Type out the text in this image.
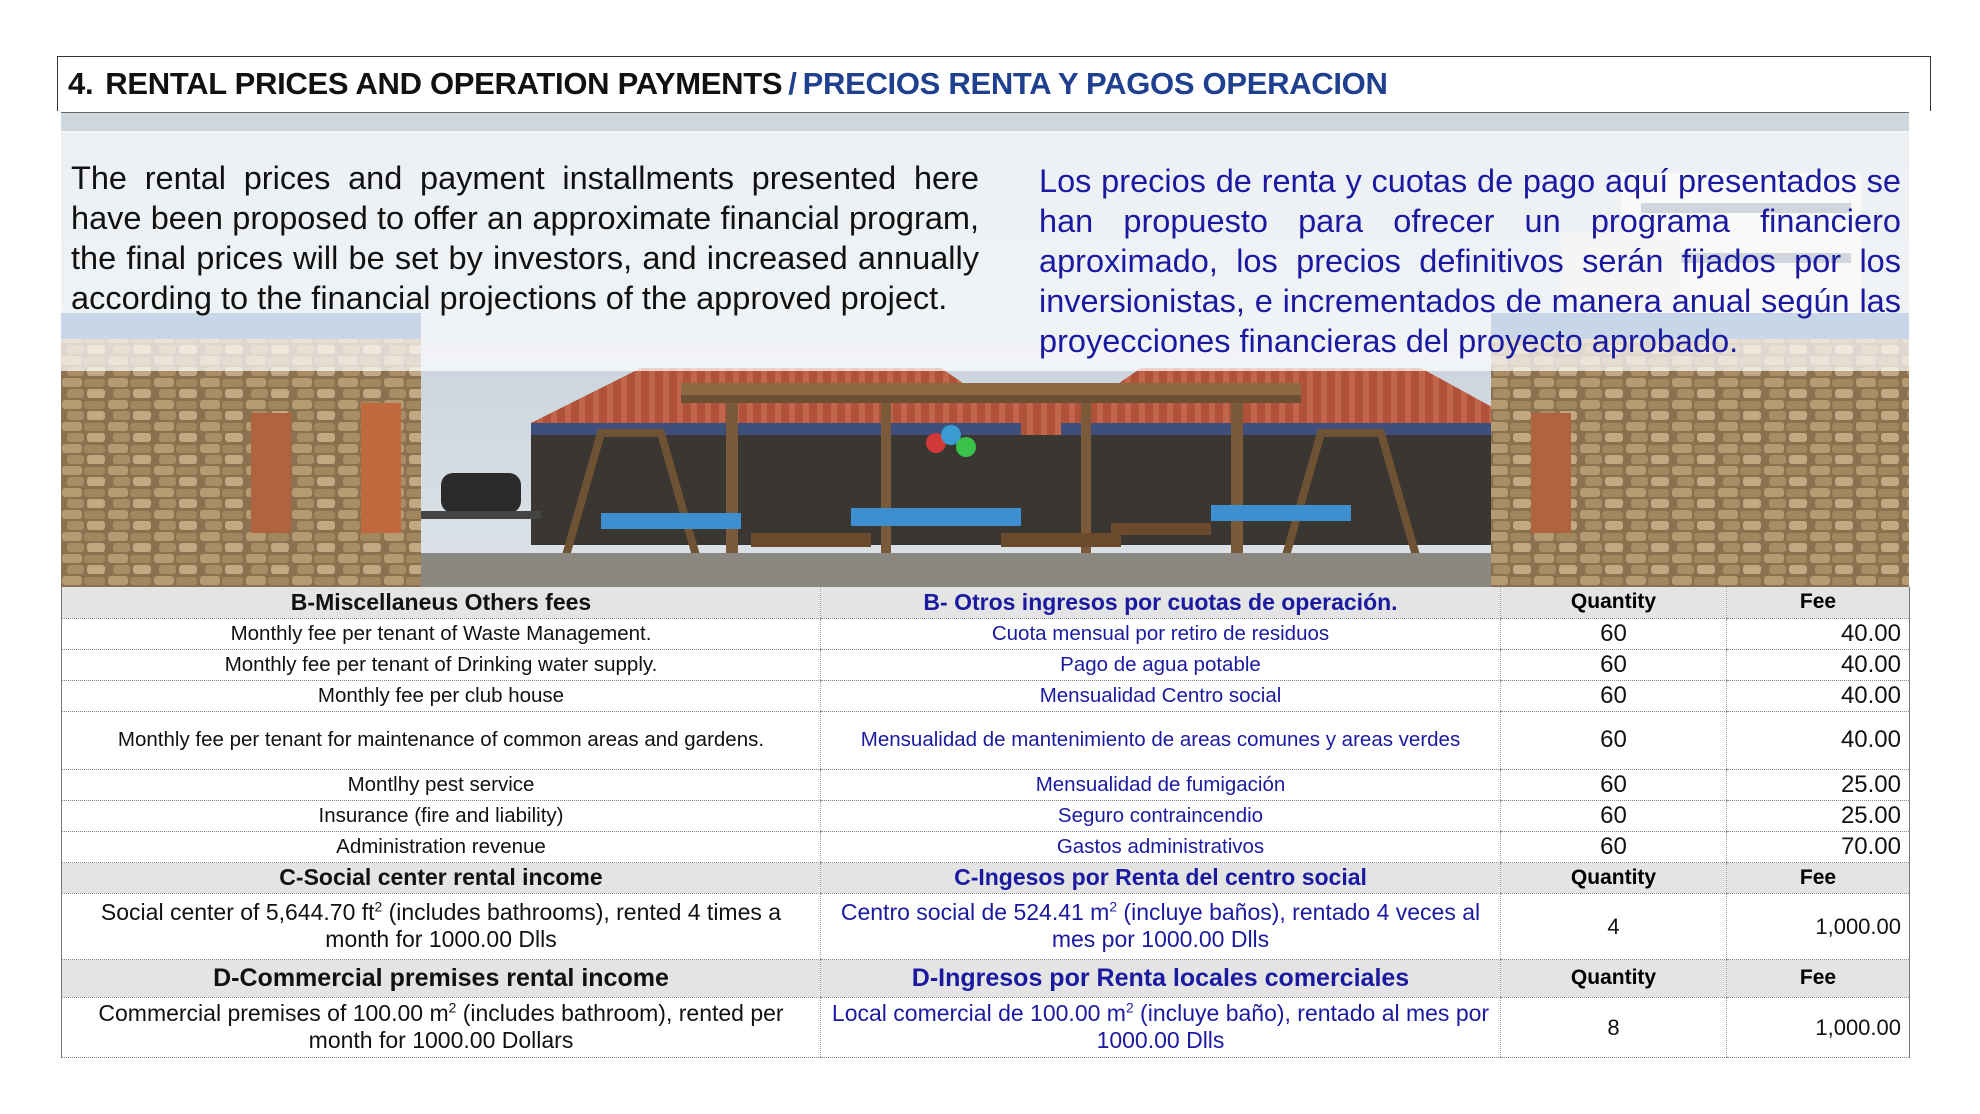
4. RENTAL PRICES AND OPERATION PAYMENTS / PRECIOS RENTA Y PAGOS OPERACION
The rental prices and payment installments presented here have been proposed to offer an approximate financial program, the final prices will be set by investors, and increased annually according to the financial projections of the approved project.
Los precios de renta y cuotas de pago aquí presentados se han propuesto para ofrecer un programa financiero aproximado, los precios definitivos serán fijados por los inversionistas, e incrementados de manera anual según las proyecciones financieras del proyecto aprobado.
B-Miscellaneus Others fees	B- Otros ingresos por cuotas de operación.	Quantity	Fee
Monthly fee per tenant of Waste Management.	Cuota mensual por retiro de residuos	60	40.00
Monthly fee per tenant of Drinking water supply.	Pago de agua potable	60	40.00
Monthly fee per club house	Mensualidad Centro social	60	40.00
Monthly fee per tenant for maintenance of common areas and gardens.	Mensualidad de mantenimiento de areas comunes y areas verdes	60	40.00
Montlhy pest service	Mensualidad de fumigación	60	25.00
Insurance (fire and liability)	Seguro contraincendio	60	25.00
Administration revenue	Gastos administrativos	60	70.00
C-Social center rental income	C-Ingesos por Renta del centro social	Quantity	Fee
Social center of 5,644.70 $ft^2$ (includes bathrooms), rented 4 times a month for 1000.00 Dlls	Centro social de 524.41 $m^2$ (incluye baños), rentado 4 veces al mes por 1000.00 Dlls	4	1,000.00
D-Commercial premises rental income	D-Ingresos por Renta locales comerciales	Quantity	Fee
Commercial premises of 100.00 $m^2$ (includes bathroom), rented per month for 1000.00 Dollars	Local comercial de 100.00 $m^2$ (incluye baño), rentado al mes por 1000.00 Dlls	8	1,000.00
